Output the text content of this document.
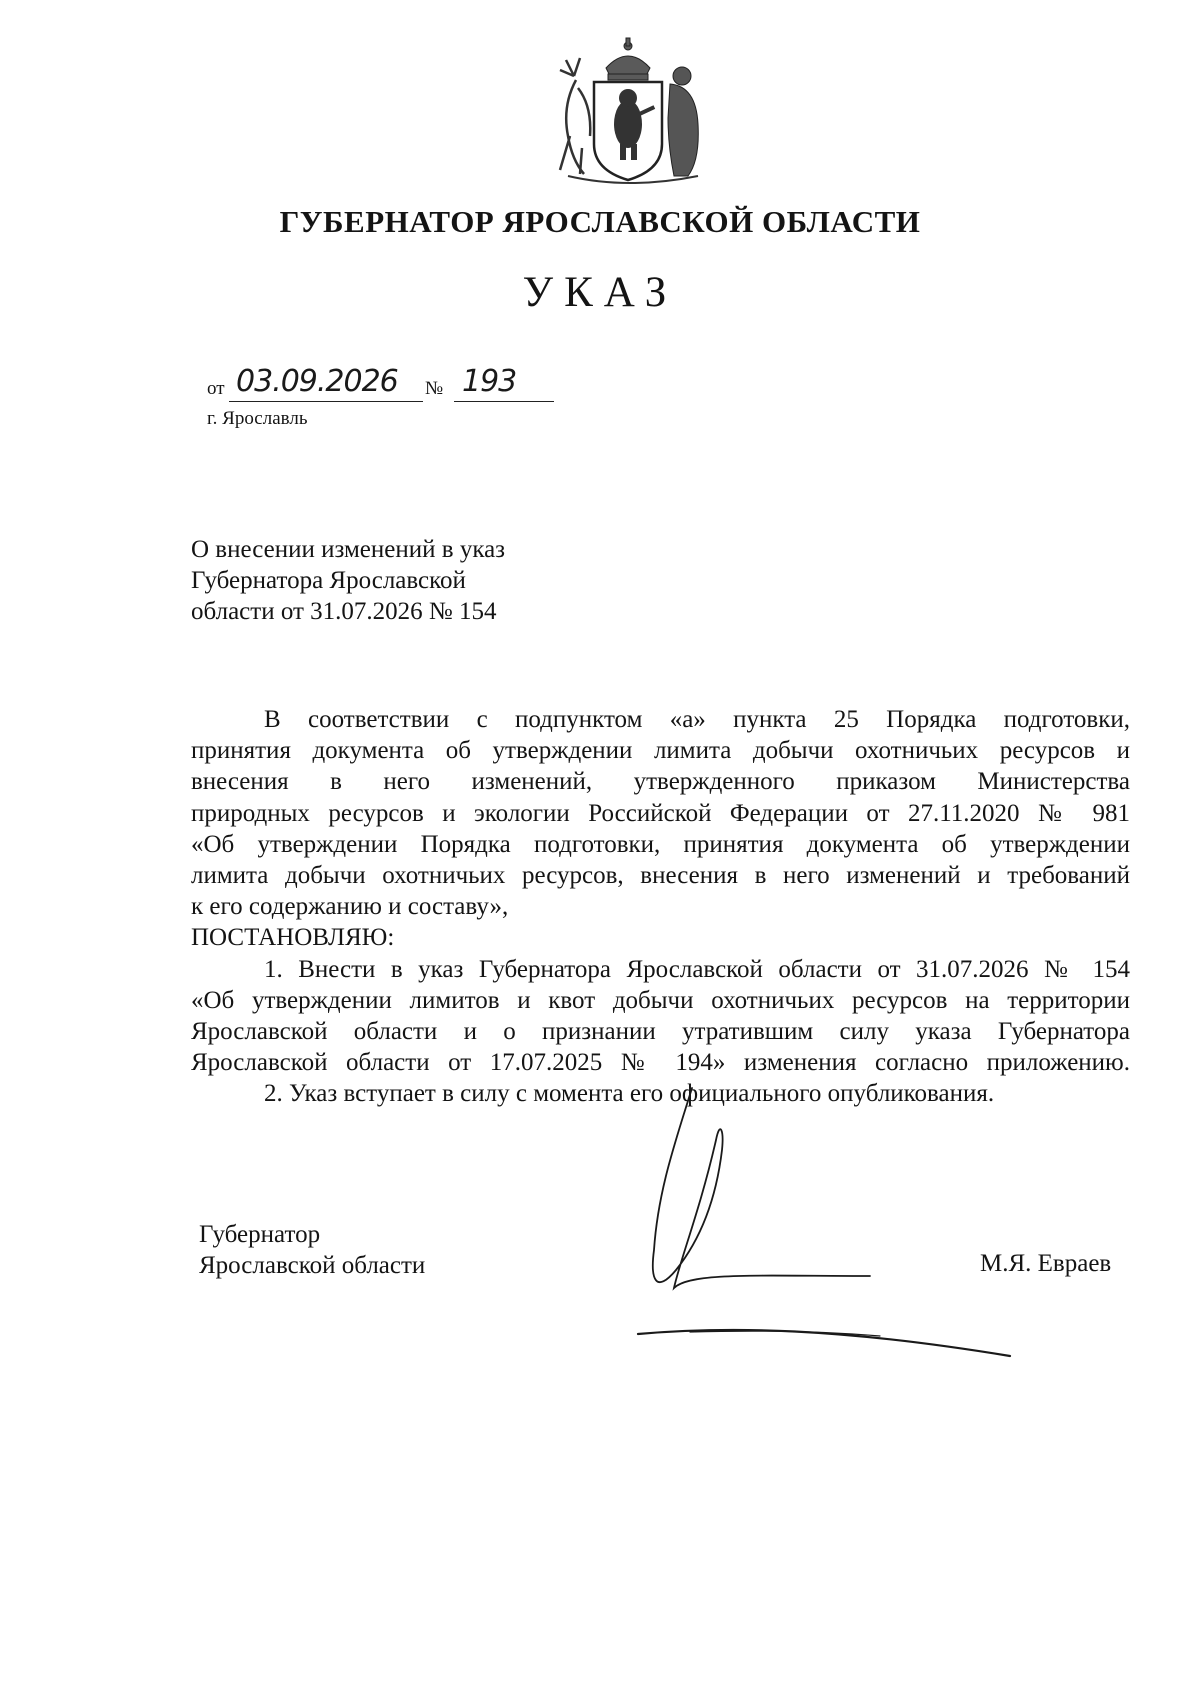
ГУБЕРНАТОР ЯРОСЛАВСКОЙ ОБЛАСТИ
УКАЗ
от 03.09.2026 № 193
г. Ярославль
О внесении изменений в указ
Губернатора Ярославской
области от 31.07.2026 № 154
В соответствии с подпунктом «а» пункта 25 Порядка подготовки,
принятия документа об утверждении лимита добычи охотничьих ресурсов и
внесения в него изменений, утвержденного приказом Министерства
природных ресурсов и экологии Российской Федерации от 27.11.2020 № 981
«Об утверждении Порядка подготовки, принятия документа об утверждении
лимита добычи охотничьих ресурсов, внесения в него изменений и требований
к его содержанию и составу»,
ПОСТАНОВЛЯЮ:
1. Внести в указ Губернатора Ярославской области от 31.07.2026 № 154
«Об утверждении лимитов и квот добычи охотничьих ресурсов на территории
Ярославской области и о признании утратившим силу указа Губернатора
Ярославской области от 17.07.2025 № 194» изменения согласно приложению.
2. Указ вступает в силу с момента его официального опубликования.
Губернатор
Ярославской области	М.Я. Евраев
